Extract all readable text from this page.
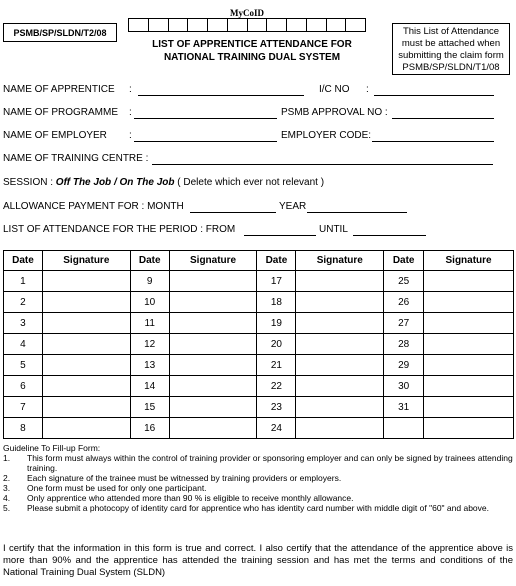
PSMB/SP/SLDN/T2/08
MyCoID
LIST OF APPRENTICE ATTENDANCE FOR
NATIONAL TRAINING DUAL SYSTEM
This List of Attendance
must be attached when
submitting the claim form
PSMB/SP/SLDN/T1/08
NAME OF APPRENTICE :	I/C NO :
NAME OF PROGRAMME :	PSMB APPROVAL NO :
NAME OF EMPLOYER :	EMPLOYER CODE:
NAME OF TRAINING CENTRE :
SESSION : Off The Job / On The Job ( Delete which ever not relevant )
ALLOWANCE PAYMENT FOR : MONTH	YEAR
LIST OF ATTENDANCE FOR THE PERIOD : FROM	UNTIL
Date	Signature	Date	Signature	Date	Signature	Date	Signature
1		9		17		25	
2		10		18		26	
3		11		19		27	
4		12		20		28	
5		13		21		29	
6		14		22		30	
7		15		23		31	
8		16		24			
Guideline To Fill-up Form:
1.	This form must always within the control of training provider or sponsoring employer and can only be signed by trainees attending training.
2.	Each signature of the trainee must be witnessed by training providers or employers.
3.	One form must be used for only one participant.
4.	Only apprentice who attended more than 90 % is eligible to receive monthly allowance.
5.	Please submit a photocopy of identity card for apprentice who has identity card number with middle digit of "60" and above.
I certify that the information in this form is true and correct. I also certify that the attendance of the apprentice above is more than 90% and the apprentice has attended the training session and has met the terms and conditions of the National Training Dual System (SLDN)
